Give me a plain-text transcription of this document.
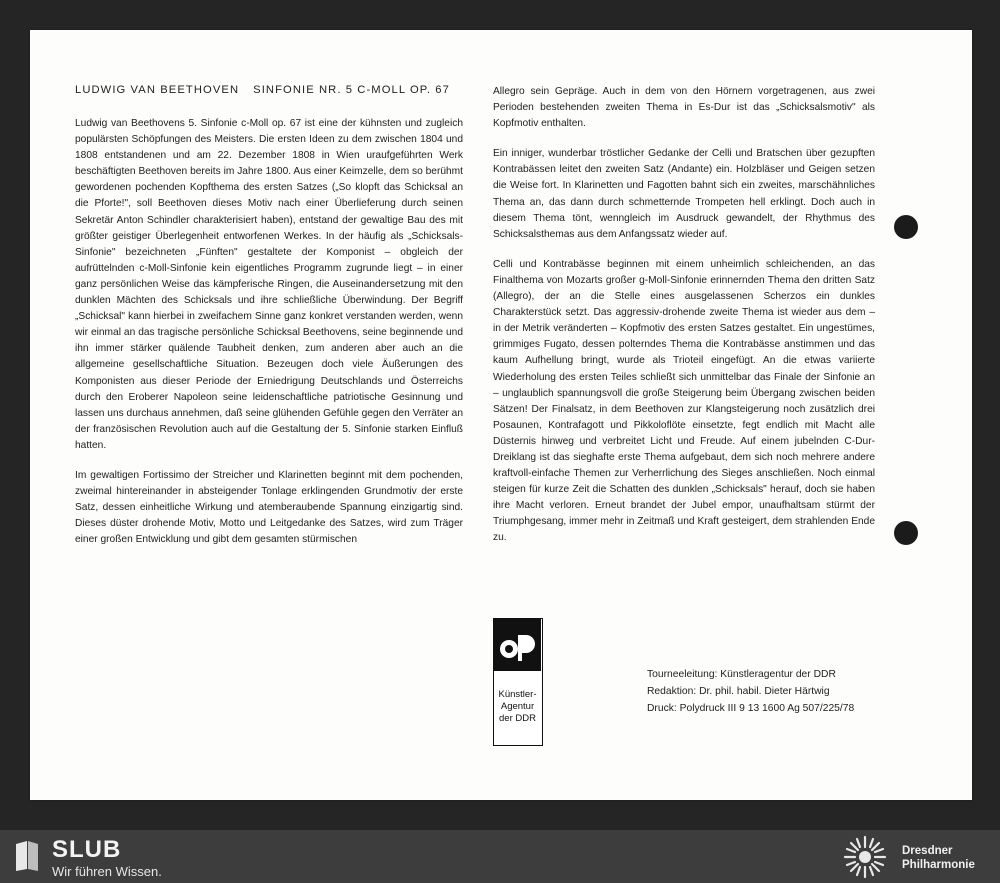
LUDWIG VAN BEETHOVEN SINFONIE NR. 5 C-MOLL OP. 67

Ludwig van Beethovens 5. Sinfonie c-Moll op. 67 ist eine der kühnsten und zugleich populärsten Schöpfungen des Meisters. Die ersten Ideen zu dem zwischen 1804 und 1808 entstandenen und am 22. Dezember 1808 in Wien uraufgeführten Werk beschäftigten Beethoven bereits im Jahre 1800. Aus einer Keimzelle, dem so berühmt gewordenen pochenden Kopfthema des ersten Satzes („So klopft das Schicksal an die Pforte!", soll Beethoven dieses Motiv nach einer Überlieferung durch seinen Sekretär Anton Schindler charakterisiert haben), entstand der gewaltige Bau des mit größter geistiger Überlegenheit entworfenen Werkes. In der häufig als „Schicksals-Sinfonie" bezeichneten „Fünften" gestaltete der Komponist – obgleich der aufrüttelnden c-Moll-Sinfonie kein eigentliches Programm zugrunde liegt – in einer ganz persönlichen Weise das kämpferische Ringen, die Auseinandersetzung mit den dunklen Mächten des Schicksals und ihre schließliche Überwindung. Der Begriff „Schicksal" kann hierbei in zweifachem Sinne ganz konkret verstanden werden, wenn wir einmal an das tragische persönliche Schicksal Beethovens, seine beginnende und ihn immer stärker quälende Taubheit denken, zum anderen aber auch an die allgemeine gesellschaftliche Situation. Bezeugen doch viele Äußerungen des Komponisten aus dieser Periode der Erniedrigung Deutschlands und Österreichs durch den Eroberer Napoleon seine leidenschaftliche patriotische Gesinnung und lassen uns durchaus annehmen, daß seine glühenden Gefühle gegen den Verräter an der französischen Revolution auch auf die Gestaltung der 5. Sinfonie starken Einfluß hatten.

Im gewaltigen Fortissimo der Streicher und Klarinetten beginnt mit dem pochenden, zweimal hintereinander in absteigender Tonlage erklingenden Grundmotiv der erste Satz, dessen einheitliche Wirkung und atemberaubende Spannung einzigartig sind. Dieses düster drohende Motiv, Motto und Leitgedanke des Satzes, wird zum Träger einer großen Entwicklung und gibt dem gesamten stürmischen

Allegro sein Gepräge. Auch in dem von den Hörnern vorgetragenen, aus zwei Perioden bestehenden zweiten Thema in Es-Dur ist das „Schicksalsmotiv" als Kopfmotiv enthalten.

Ein inniger, wunderbar tröstlicher Gedanke der Celli und Bratschen über gezupften Kontrabässen leitet den zweiten Satz (Andante) ein. Holzbläser und Geigen setzen die Weise fort. In Klarinetten und Fagotten bahnt sich ein zweites, marschähnliches Thema an, das dann durch schmetternde Trompeten hell erklingt. Doch auch in diesem Thema tönt, wenngleich im Ausdruck gewandelt, der Rhythmus des Schicksalsthemas aus dem Anfangssatz wieder auf.

Celli und Kontrabässe beginnen mit einem unheimlich schleichenden, an das Finalthema von Mozarts großer g-Moll-Sinfonie erinnernden Thema den dritten Satz (Allegro), der an die Stelle eines ausgelassenen Scherzos ein dunkles Charakterstück setzt. Das aggressiv-drohende zweite Thema ist wieder aus dem – in der Metrik veränderten – Kopfmotiv des ersten Satzes gestaltet. Ein ungestümes, grimmiges Fugato, dessen polterndes Thema die Kontrabässe anstimmen und das kaum Aufhellung bringt, wurde als Trioteil eingefügt. An die etwas variierte Wiederholung des ersten Teiles schließt sich unmittelbar das Finale der Sinfonie an – unglaublich spannungsvoll die große Steigerung beim Übergang zwischen beiden Sätzen! Der Finalsatz, in dem Beethoven zur Klangsteigerung noch zusätzlich drei Posaunen, Kontrafagott und Pikkoloflöte einsetzte, fegt endlich mit Macht alle Düsternis hinweg und verbreitet Licht und Freude. Auf einem jubelnden C-Dur-Dreiklang ist das sieghafte erste Thema aufgebaut, dem sich noch mehrere andere kraftvoll-einfache Themen zur Verherrlichung des Sieges anschließen. Noch einmal steigen für kurze Zeit die Schatten des dunklen „Schicksals" herauf, doch sie haben ihre Macht verloren. Erneut brandet der Jubel empor, unaufhaltsam stürmt der Triumphgesang, immer mehr in Zeitmaß und Kraft gesteigert, dem strahlenden Ende zu.

Künstler-
Agentur
der DDR
Tourneeleitung: Künstleragentur der DDR
Redaktion: Dr. phil. habil. Dieter Härtwig
Druck: Polydruck III 9 13 1600 Ag 507/225/78
SLUB
Wir führen Wissen.
Dresdner
Philharmonie
